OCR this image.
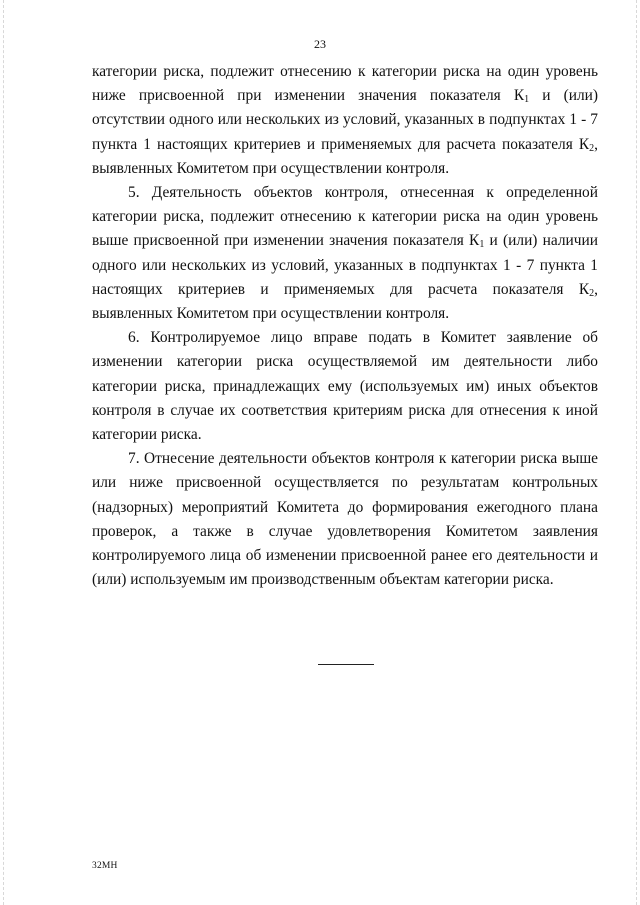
23

категории риска, подлежит отнесению к категории риска на один уровень ниже присвоенной при изменении значения показателя $К_1$ и (или) отсутствии одного или нескольких из условий, указанных в подпунктах 1 - 7 пункта 1 настоящих критериев и применяемых для расчета показателя $К_2$, выявленных Комитетом при осуществлении контроля.

5. Деятельность объектов контроля, отнесенная к определенной категории риска, подлежит отнесению к категории риска на один уровень выше присвоенной при изменении значения показателя $К_1$ и (или) наличии одного или нескольких из условий, указанных в подпунктах 1 - 7 пункта 1 настоящих критериев и применяемых для расчета показателя $К_2$, выявленных Комитетом при осуществлении контроля.

6. Контролируемое лицо вправе подать в Комитет заявление об изменении категории риска осуществляемой им деятельности либо категории риска, принадлежащих ему (используемых им) иных объектов контроля в случае их соответствия критериям риска для отнесения к иной категории риска.

7. Отнесение деятельности объектов контроля к категории риска выше или ниже присвоенной осуществляется по результатам контрольных (надзорных) мероприятий Комитета до формирования ежегодного плана проверок, а также в случае удовлетворения Комитетом заявления контролируемого лица об изменении присвоенной ранее его деятельности и (или) используемым им производственным объектам категории риска.

32МН
